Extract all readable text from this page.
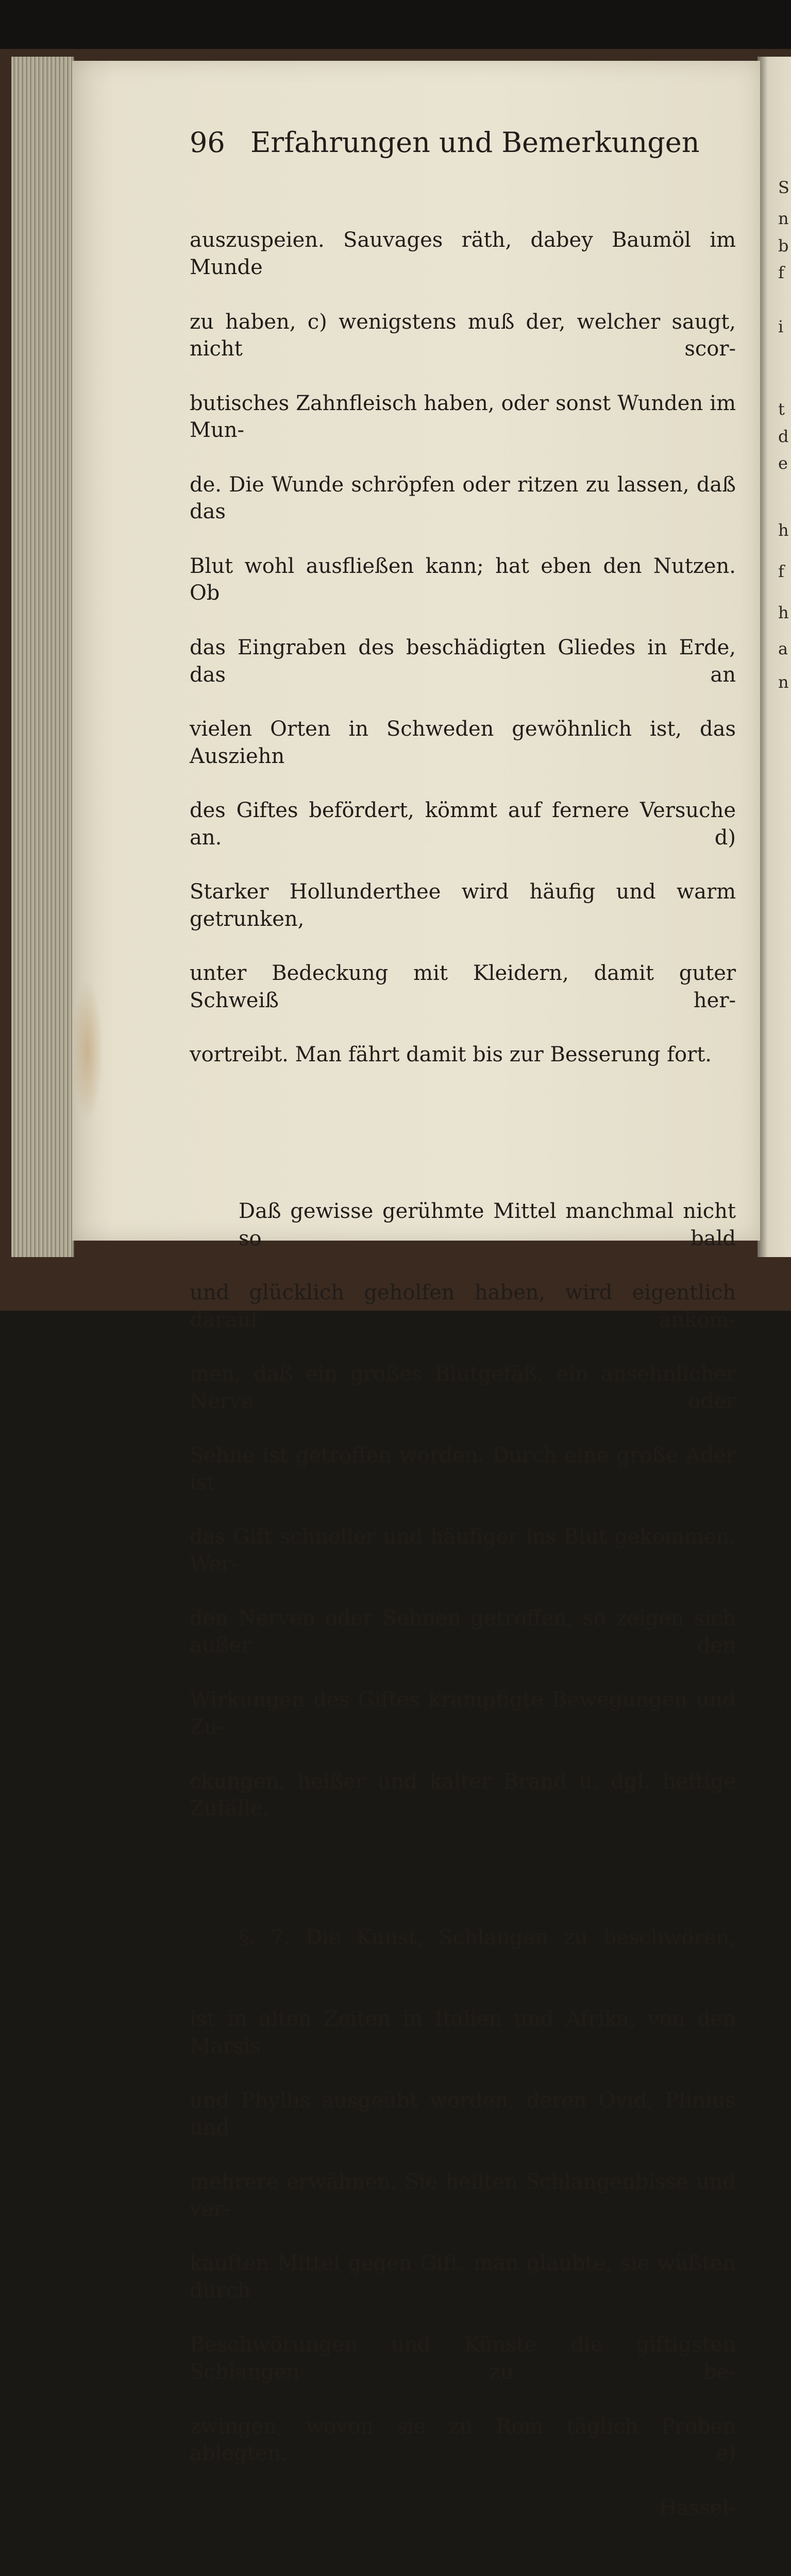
S
n
b
f
i
t
d
e
h
f
h
a
n
96 Erfahrungen und Bemerkungen

auszuspeien. Sauvages räth, dabey Baumöl im Munde

zu haben, c) wenigstens muß der, welcher saugt, nicht scor-

butisches Zahnfleisch haben, oder sonst Wunden im Mun-

de. Die Wunde schröpfen oder ritzen zu lassen, daß das

Blut wohl ausfließen kann; hat eben den Nutzen. Ob

das Eingraben des beschädigten Gliedes in Erde, das an

vielen Orten in Schweden gewöhnlich ist, das Ausziehn

des Giftes befördert, kömmt auf fernere Versuche an. d)

Starker Hollunderthee wird häufig und warm getrunken,

unter Bedeckung mit Kleidern, damit guter Schweiß her-

vortreibt. Man fährt damit bis zur Besserung fort.

Daß gewisse gerühmte Mittel manchmal nicht so bald

und glücklich geholfen haben, wird eigentlich darauf ankom-

men, daß ein großes Blutgefäß, ein ansehnlicher Nerve oder

Sehne ist getroffen worden. Durch eine große Ader ist

das Gift schneller und häufiger ins Blut gekommen. Wer-

den Nerven oder Sehnen getroffen, so zeigen sich außer den

Wirkungen des Giftes krampfigte Bewegungen und Zu-

ckungen, heißer und kalter Brand u. dgl. heftige Zufälle.

§. 7. Die Kunst, Schlangen zu beschwören,

ist in alten Zeiten in Italien und Afrika, von den Marsis

und Phyllis ausgeübt worden, deren Ovid, Plinius und

mehrere erwähnen. Sie heilten Schlangenbisse und ver-

kauften Mittel gegen Gift, man glaubte, sie wüßten durch

Beschwörungen und Künste die giftigsten Schlangen zu be-

zwingen, wovon sie zu Rom täglich Proben ablegten. e)

Hassel-
